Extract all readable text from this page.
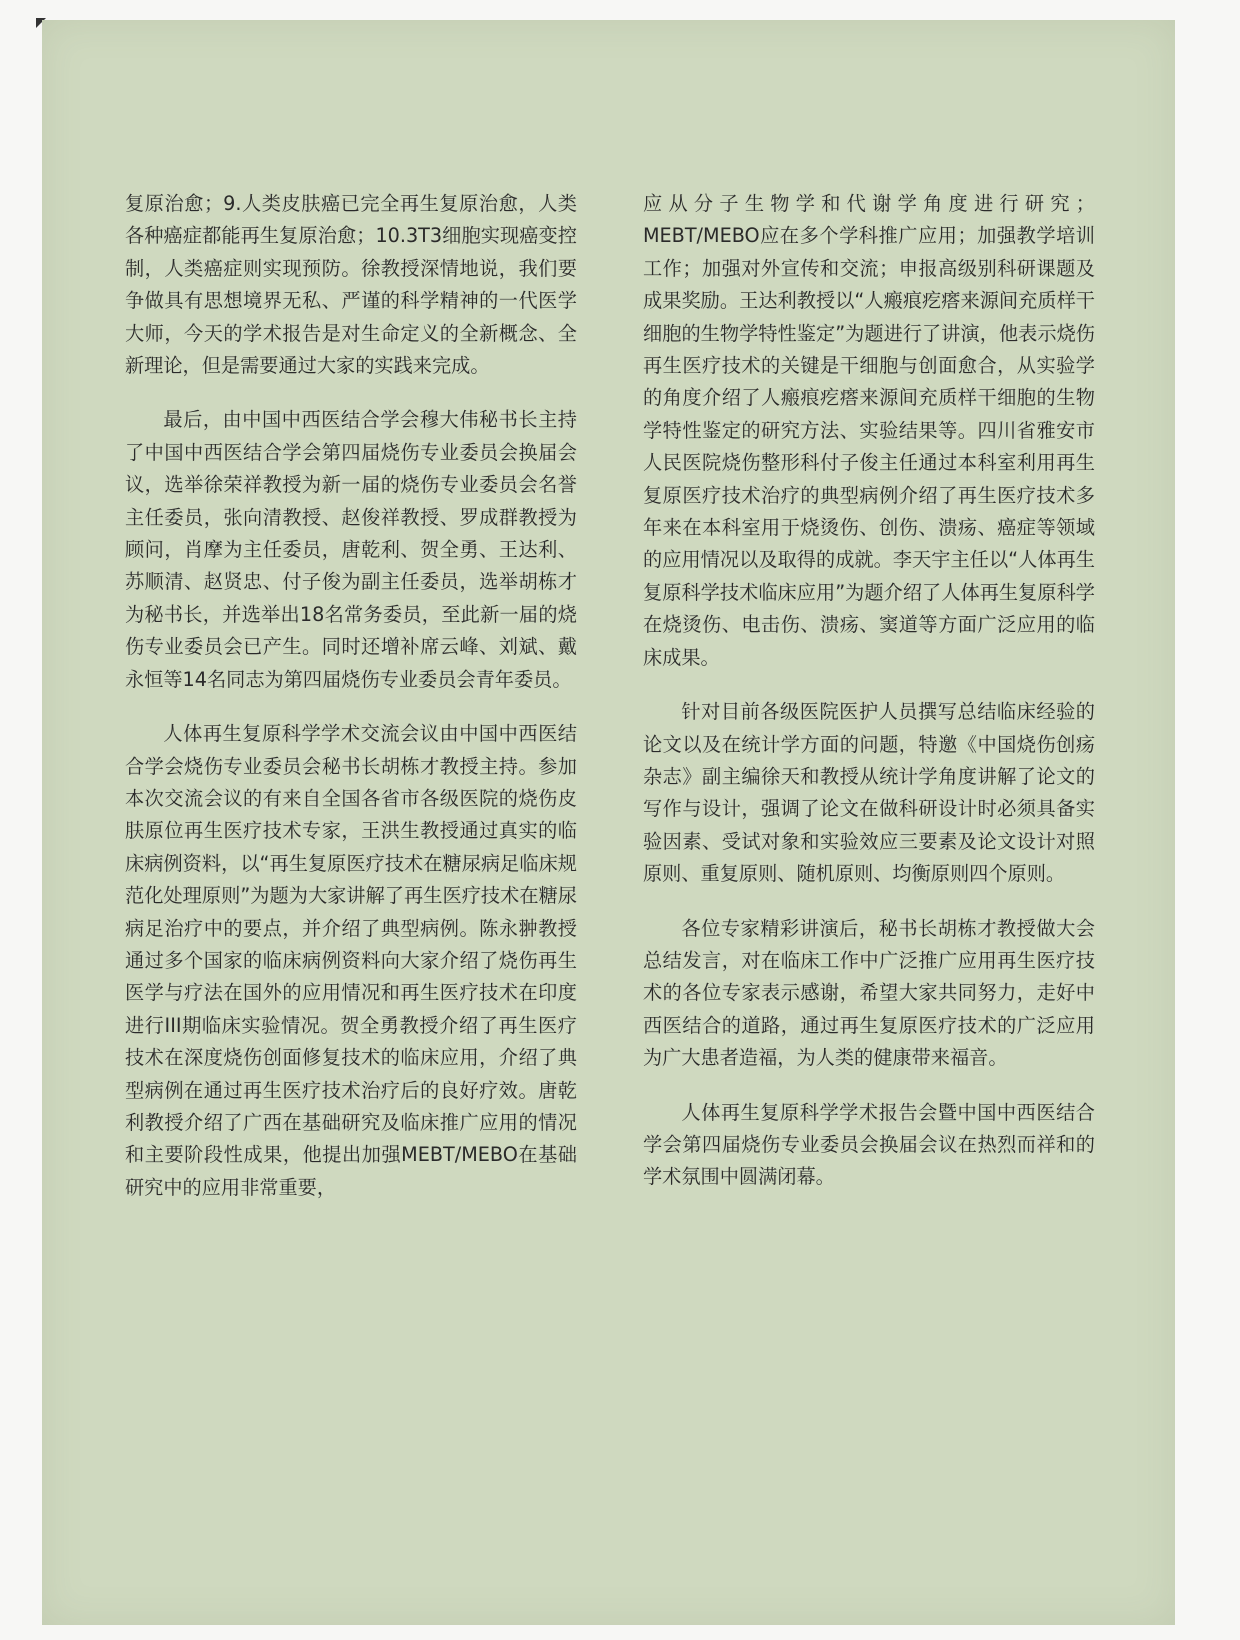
复原治愈；9.人类皮肤癌已完全再生复原治愈，人类各种癌症都能再生复原治愈；10.3T3细胞实现癌变控制，人类癌症则实现预防。徐教授深情地说，我们要争做具有思想境界无私、严谨的科学精神的一代医学大师，今天的学术报告是对生命定义的全新概念、全新理论，但是需要通过大家的实践来完成。

最后，由中国中西医结合学会穆大伟秘书长主持了中国中西医结合学会第四届烧伤专业委员会换届会议，选举徐荣祥教授为新一届的烧伤专业委员会名誉主任委员，张向清教授、赵俊祥教授、罗成群教授为顾问，肖摩为主任委员，唐乾利、贺全勇、王达利、苏顺清、赵贤忠、付子俊为副主任委员，选举胡栋才为秘书长，并选举出18名常务委员，至此新一届的烧伤专业委员会已产生。同时还增补席云峰、刘斌、戴永恒等14名同志为第四届烧伤专业委员会青年委员。

人体再生复原科学学术交流会议由中国中西医结合学会烧伤专业委员会秘书长胡栋才教授主持。参加本次交流会议的有来自全国各省市各级医院的烧伤皮肤原位再生医疗技术专家，王洪生教授通过真实的临床病例资料，以“再生复原医疗技术在糖尿病足临床规范化处理原则”为题为大家讲解了再生医疗技术在糖尿病足治疗中的要点，并介绍了典型病例。陈永翀教授通过多个国家的临床病例资料向大家介绍了烧伤再生医学与疗法在国外的应用情况和再生医疗技术在印度进行III期临床实验情况。贺全勇教授介绍了再生医疗技术在深度烧伤创面修复技术的临床应用，介绍了典型病例在通过再生医疗技术治疗后的良好疗效。唐乾利教授介绍了广西在基础研究及临床推广应用的情况和主要阶段性成果，他提出加强MEBT/MEBO在基础研究中的应用非常重要，

应从分子生物学和代谢学角度进行研究；MEBT/MEBO应在多个学科推广应用；加强教学培训工作；加强对外宣传和交流；申报高级别科研课题及成果奖励。王达利教授以“人瘢痕疙瘩来源间充质样干细胞的生物学特性鉴定”为题进行了讲演，他表示烧伤再生医疗技术的关键是干细胞与创面愈合，从实验学的角度介绍了人瘢痕疙瘩来源间充质样干细胞的生物学特性鉴定的研究方法、实验结果等。四川省雅安市人民医院烧伤整形科付子俊主任通过本科室利用再生复原医疗技术治疗的典型病例介绍了再生医疗技术多年来在本科室用于烧烫伤、创伤、溃疡、癌症等领域的应用情况以及取得的成就。李天宇主任以“人体再生复原科学技术临床应用”为题介绍了人体再生复原科学在烧烫伤、电击伤、溃疡、窦道等方面广泛应用的临床成果。

针对目前各级医院医护人员撰写总结临床经验的论文以及在统计学方面的问题，特邀《中国烧伤创疡杂志》副主编徐天和教授从统计学角度讲解了论文的写作与设计，强调了论文在做科研设计时必须具备实验因素、受试对象和实验效应三要素及论文设计对照原则、重复原则、随机原则、均衡原则四个原则。

各位专家精彩讲演后，秘书长胡栋才教授做大会总结发言，对在临床工作中广泛推广应用再生医疗技术的各位专家表示感谢，希望大家共同努力，走好中西医结合的道路，通过再生复原医疗技术的广泛应用为广大患者造福，为人类的健康带来福音。

人体再生复原科学学术报告会暨中国中西医结合学会第四届烧伤专业委员会换届会议在热烈而祥和的学术氛围中圆满闭幕。
